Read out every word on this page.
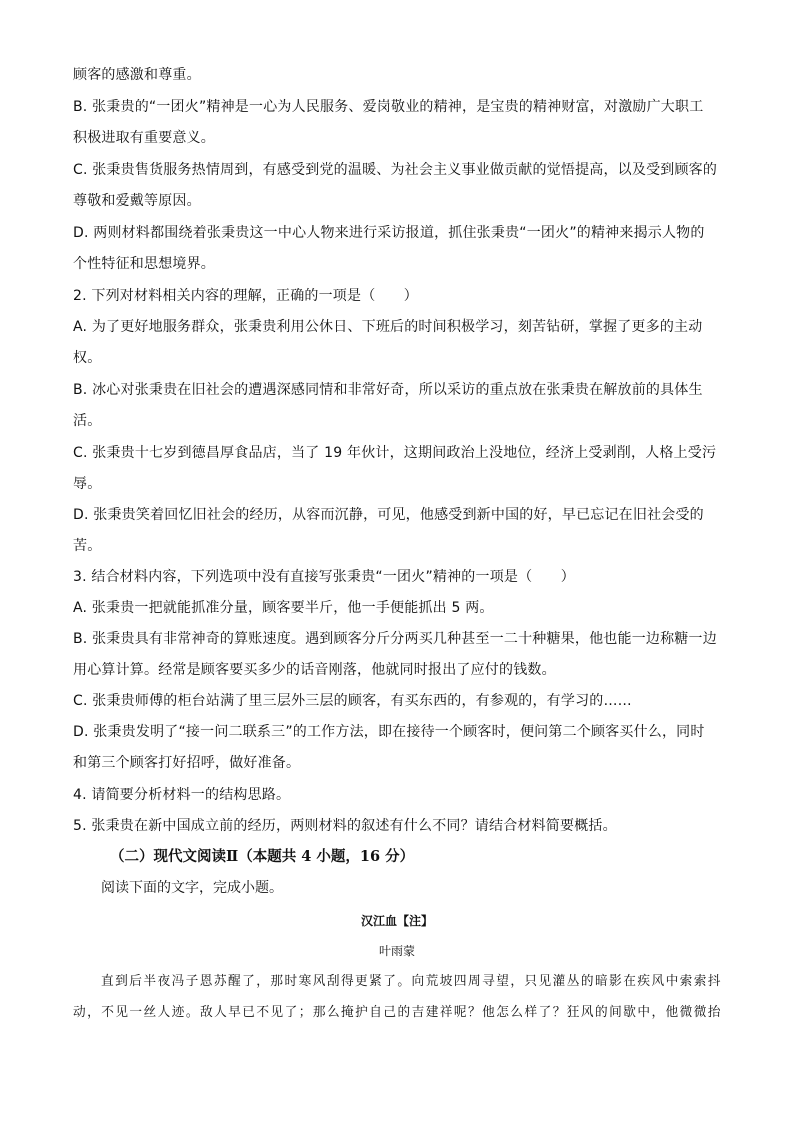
顾客的感激和尊重。
B. 张秉贵的“一团火”精神是一心为人民服务、爱岗敬业的精神，是宝贵的精神财富，对激励广大职工
积极进取有重要意义。
C. 张秉贵售货服务热情周到，有感受到党的温暖、为社会主义事业做贡献的觉悟提高，以及受到顾客的
尊敬和爱戴等原因。
D. 两则材料都围绕着张秉贵这一中心人物来进行采访报道，抓住张秉贵“一团火”的精神来揭示人物的
个性特征和思想境界。
2. 下列对材料相关内容的理解，正确的一项是（　　）
A. 为了更好地服务群众，张秉贵利用公休日、下班后的时间积极学习，刻苦钻研，掌握了更多的主动
权。
B. 冰心对张秉贵在旧社会的遭遇深感同情和非常好奇，所以采访的重点放在张秉贵在解放前的具体生
活。
C. 张秉贵十七岁到德昌厚食品店，当了 19 年伙计，这期间政治上没地位，经济上受剥削，人格上受污
辱。
D. 张秉贵笑着回忆旧社会的经历，从容而沉静，可见，他感受到新中国的好，早已忘记在旧社会受的
苦。
3. 结合材料内容，下列选项中没有直接写张秉贵“一团火”精神的一项是（　　）
A. 张秉贵一把就能抓准分量，顾客要半斤，他一手便能抓出 5 两。
B. 张秉贵具有非常神奇的算账速度。遇到顾客分斤分两买几种甚至一二十种糖果，他也能一边称糖一边
用心算计算。经常是顾客要买多少的话音刚落，他就同时报出了应付的钱数。
C. 张秉贵师傅的柜台站满了里三层外三层的顾客，有买东西的，有参观的，有学习的……
D. 张秉贵发明了“接一问二联系三”的工作方法，即在接待一个顾客时，便问第二个顾客买什么，同时
和第三个顾客打好招呼，做好准备。
4. 请简要分析材料一的结构思路。
5. 张秉贵在新中国成立前的经历，两则材料的叙述有什么不同？请结合材料简要概括。
（二）现代文阅读Ⅱ（本题共 4 小题，16 分）
阅读下面的文字，完成小题。
汉江血【注】
叶雨蒙
直到后半夜冯子恩苏醒了，那时寒风刮得更紧了。向荒坡四周寻望，只见灌丛的暗影在疾风中索索抖
动，不见一丝人迹。敌人早已不见了；那么掩护自己的吉建祥呢？他怎么样了？狂风的间歇中，他微微抬
